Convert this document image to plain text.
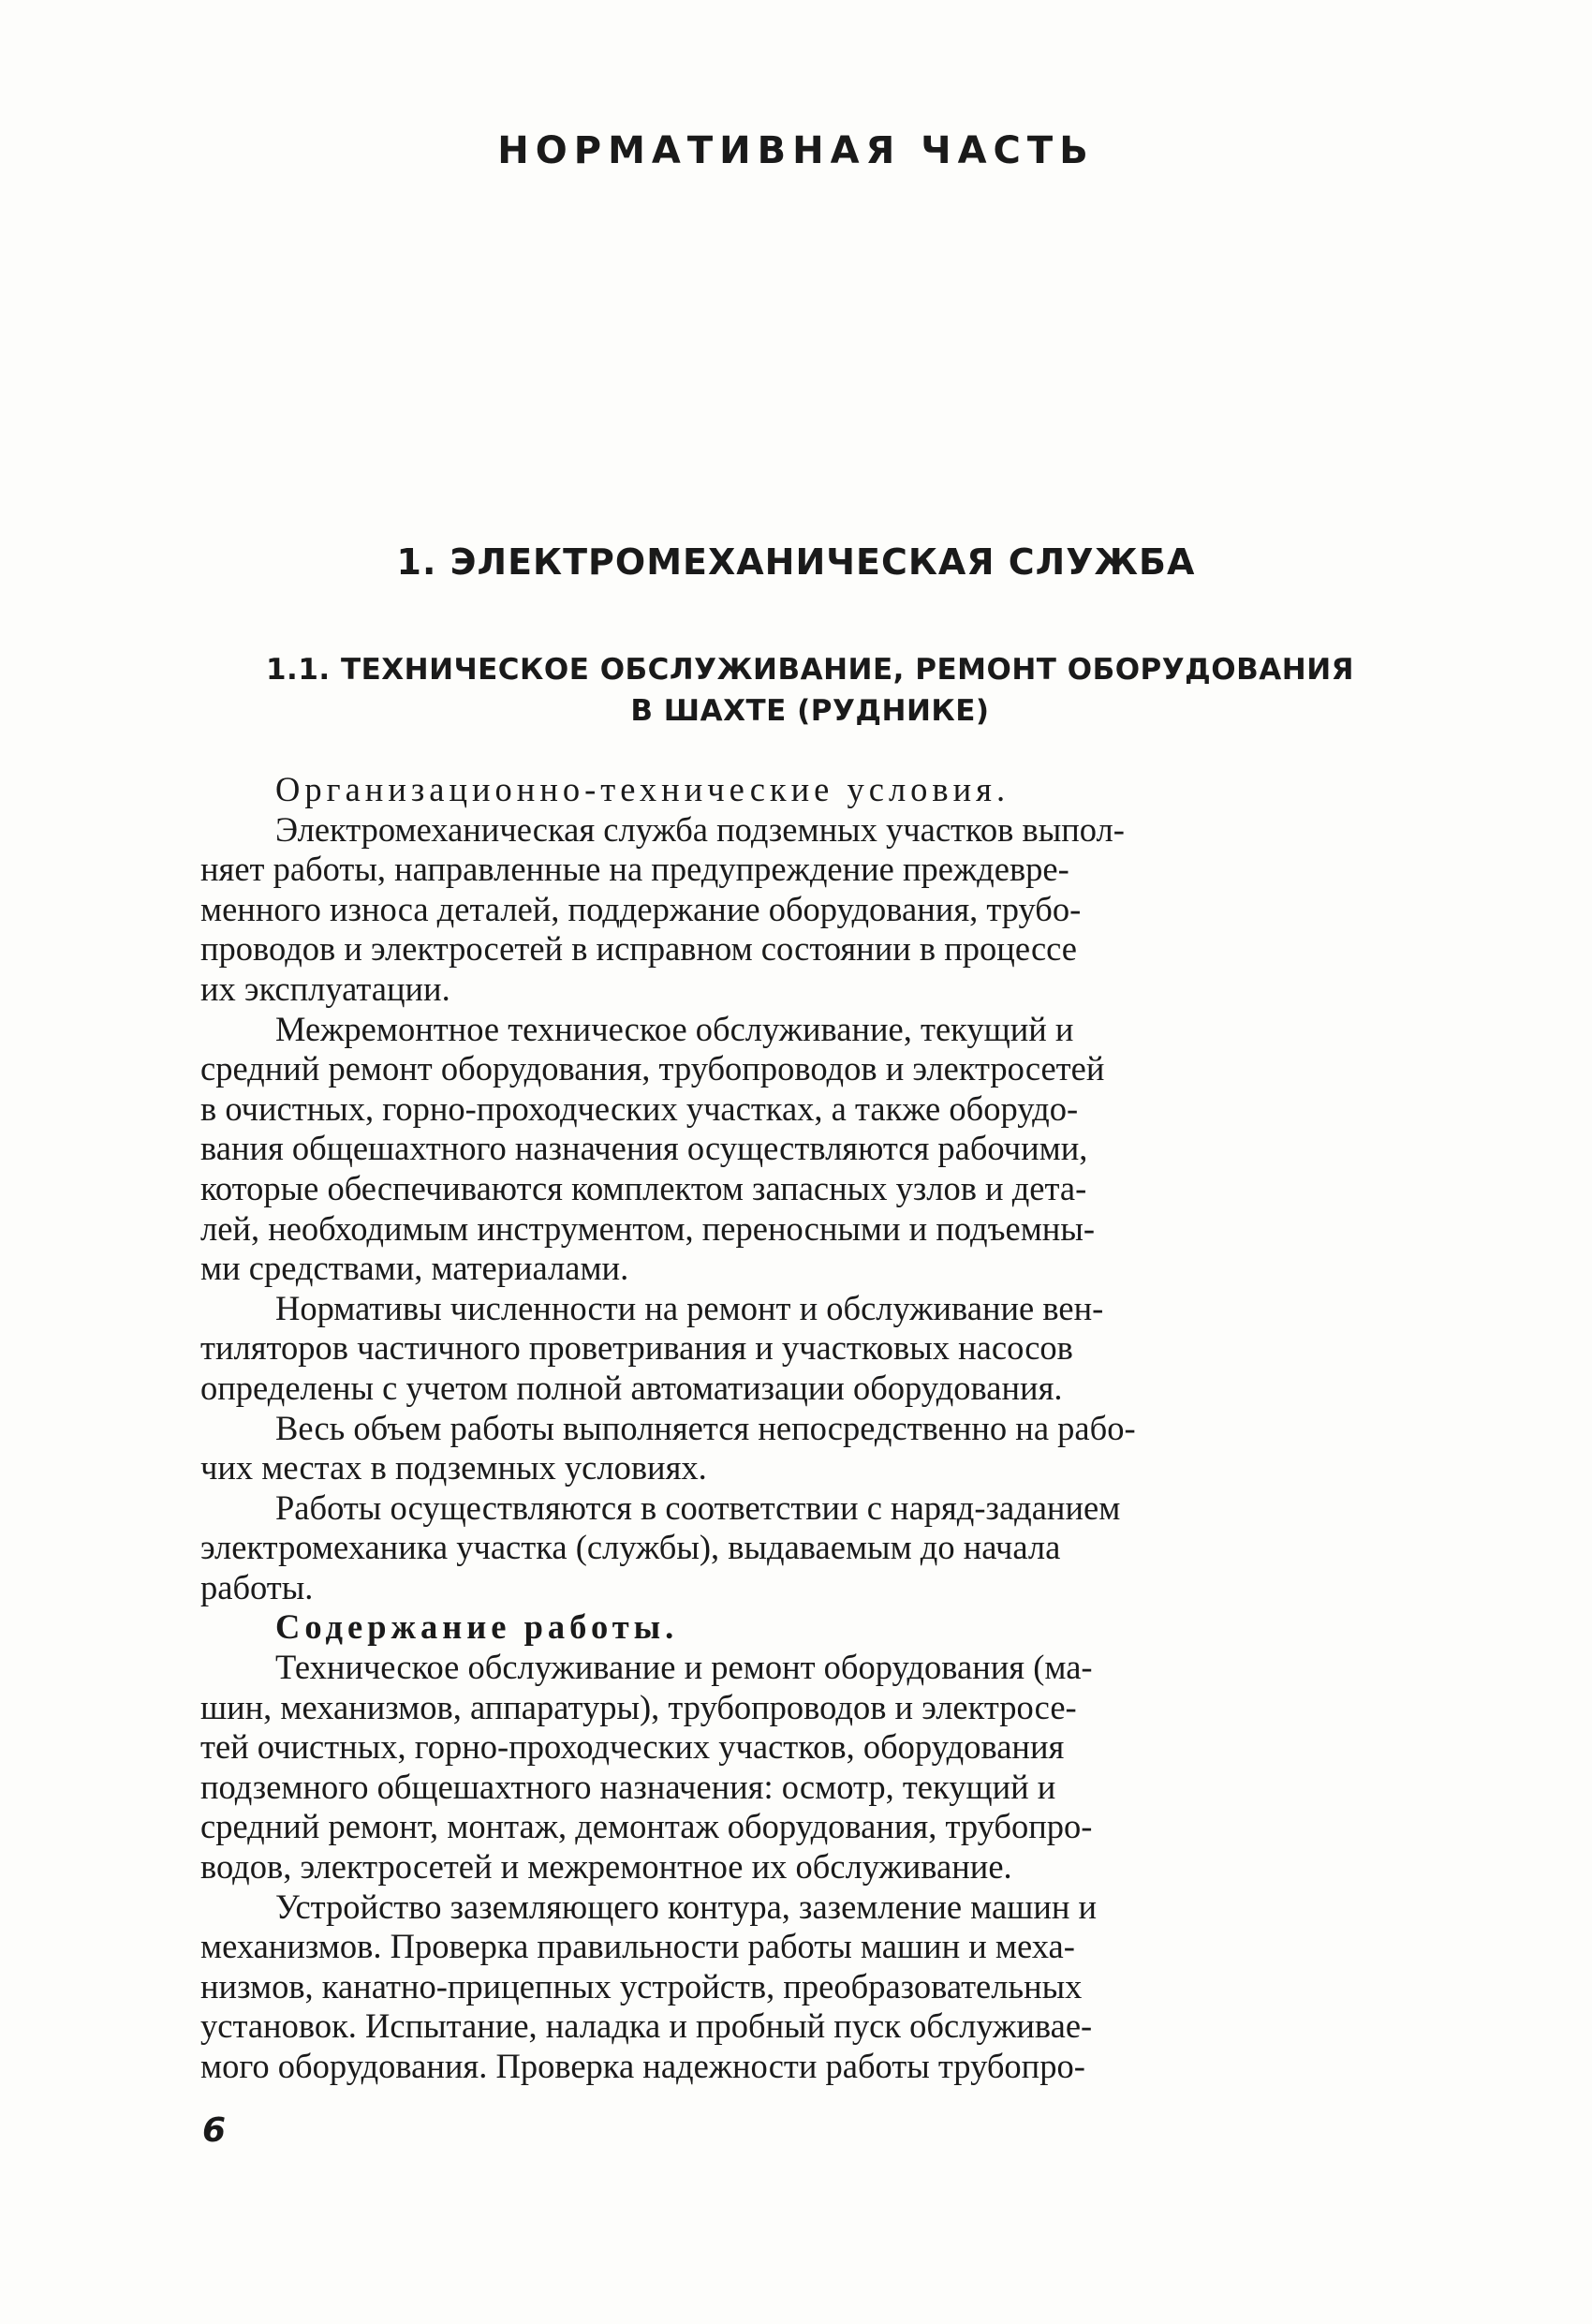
НОРМАТИВНАЯ ЧАСТЬ
1. ЭЛЕКТРОМЕХАНИЧЕСКАЯ СЛУЖБА
1.1. ТЕХНИЧЕСКОЕ ОБСЛУЖИВАНИЕ, РЕМОНТ ОБОРУДОВАНИЯ
В ШАХТЕ (РУДНИКЕ)

Организационно-технические условия.

Электромеханическая служба подземных участков выпол-

няет работы, направленные на предупреждение преждевре-

менного износа деталей, поддержание оборудования, трубо-

проводов и электросетей в исправном состоянии в процессе

их эксплуатации.

Межремонтное техническое обслуживание, текущий и

средний ремонт оборудования, трубопроводов и электросетей

в очистных, горно-проходческих участках, а также оборудо-

вания общешахтного назначения осуществляются рабочими,

которые обеспечиваются комплектом запасных узлов и дета-

лей, необходимым инструментом, переносными и подъемны-

ми средствами, материалами.

Нормативы численности на ремонт и обслуживание вен-

тиляторов частичного проветривания и участковых насосов

определены с учетом полной автоматизации оборудования.

Весь объем работы выполняется непосредственно на рабо-

чих местах в подземных условиях.

Работы осуществляются в соответствии с наряд-заданием

электромеханика участка (службы), выдаваемым до начала

работы.

Содержание работы.

Техническое обслуживание и ремонт оборудования (ма-

шин, механизмов, аппаратуры), трубопроводов и электросе-

тей очистных, горно-проходческих участков, оборудования

подземного общешахтного назначения: осмотр, текущий и

средний ремонт, монтаж, демонтаж оборудования, трубопро-

водов, электросетей и межремонтное их обслуживание.

Устройство заземляющего контура, заземление машин и

механизмов. Проверка правильности работы машин и меха-

низмов, канатно-прицепных устройств, преобразовательных

установок. Испытание, наладка и пробный пуск обслуживае-

мого оборудования. Проверка надежности работы трубопро-

6
